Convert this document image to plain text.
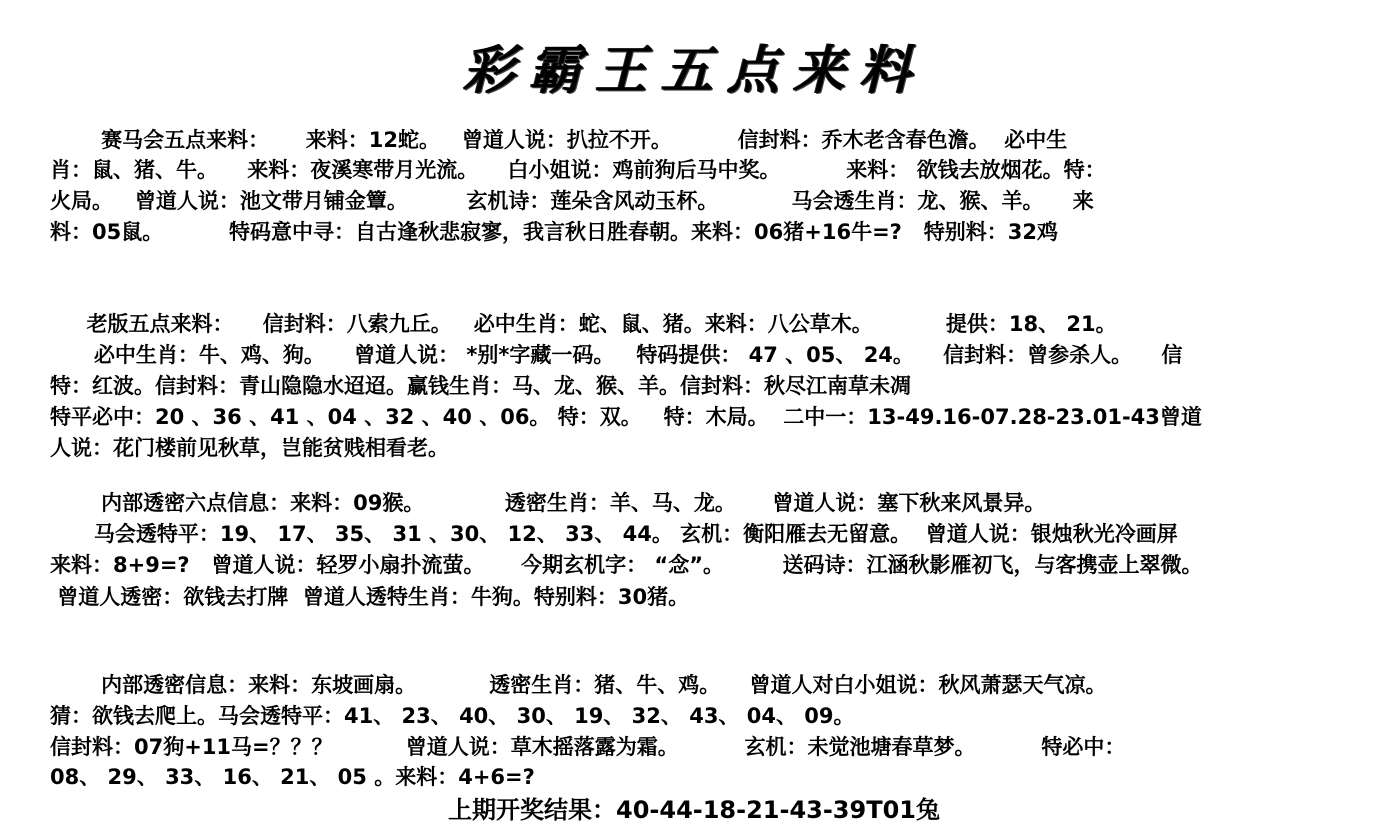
彩霸王五点来料
赛马会五点来料：     来料：12蛇。   曾道人说：扒拉不开。         信封料：乔木老含春色澹。  必中生
肖：鼠、猪、牛。    来料：夜溪寒带月光流。    白小姐说：鸡前狗后马中奖。         来料： 欲钱去放烟花。特：
火局。   曾道人说：池文带月铺金簟。        玄机诗：莲朵含风动玉杯。          马会透生肖：龙、猴、羊。    来
料：05鼠。         特码意中寻：自古逢秋悲寂寥，我言秋日胜春朝。来料：06猪+16牛=?   特别料：32鸡
老版五点来料：    信封料：八索九丘。   必中生肖：蛇、鼠、猪。来料：八公草木。          提供：18、 21。
必中生肖：牛、鸡、狗。    曾道人说： *别*字藏一码。   特码提供： 47 、05、 24。    信封料：曾参杀人。    信
特：红波。信封料：青山隐隐水迢迢。赢钱生肖：马、龙、猴、羊。信封料：秋尽江南草未凋
特平必中：20 、36 、41 、04 、32 、40 、06。 特：双。   特：木局。  二中一：13-49.16-07.28-23.01-43曾道
人说：花门楼前见秋草，岂能贫贱相看老。
内部透密六点信息：来料：09猴。           透密生肖：羊、马、龙。     曾道人说：塞下秋来风景异。
马会透特平：19、 17、 35、 31 、30、 12、 33、 44。 玄机：衡阳雁去无留意。  曾道人说：银烛秋光冷画屏
来料：8+9=?   曾道人说：轻罗小扇扑流萤。     今期玄机字： “念”。        送码诗：江涵秋影雁初飞，与客携壶上翠微。
曾道人透密：欲钱去打牌  曾道人透特生肖：牛狗。特别料：30猪。
内部透密信息：来料：东坡画扇。          透密生肖：猪、牛、鸡。    曾道人对白小姐说：秋风萧瑟天气凉。
猜：欲钱去爬上。马会透特平：41、 23、 40、 30、 19、 32、 43、 04、 09。
信封料：07狗+11马=？？？          曾道人说：草木摇落露为霜。         玄机：未觉池塘春草梦。         特必中：
08、 29、 33、 16、 21、 05 。来料：4+6=?
上期开奖结果：40-44-18-21-43-39T01兔
